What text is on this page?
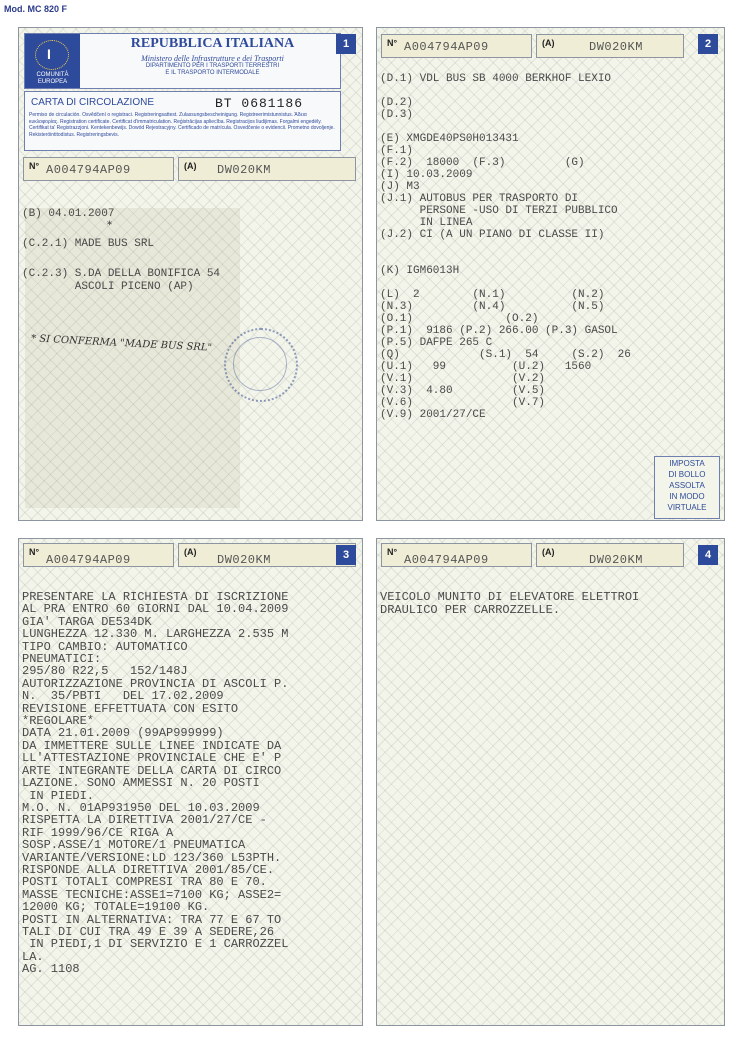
Mod. MC 820 F
I
COMUNITÀ EUROPEA
REPUBBLICA ITALIANA
Ministero delle Infrastrutture e dei Trasporti
DIPARTIMENTO PER I TRASPORTI TERRESTRI
E IL TRASPORTO INTERMODALE
1
CARTA DI CIRCOLAZIONE	BT 0681186
Permiso de circulación. Osvědčení o registraci. Registreringsattest. Zulassungsbescheinigung. Registreerimistunnistus. Άδεια κυκλοφορίας. Registration certificate. Certificat d'immatriculation. Reģistrācijas apliecība. Registracijos liudijimas. Forgalmi engedély. Certifikat ta' Registrazzjoni. Kentekenbewijs. Dowód Rejestracyjny. Certificado de matrícula. Osvedčenie o evidencii. Prometno dovoljenje. Rekisteröintitodistus. Registreringsbevis.
N° A004794AP09	(A) DW020KM
(B) 04.01.2007
(C.2.1) MADE BUS SRL
(C.2.3) S.DA DELLA BONIFICA 54
ASCOLI PICENO (AP)
*
* SI CONFERMA "MADE BUS SRL"
N° A004794AP09	(A)	DW020KM	2
(D.1) VDL BUS SB 4000 BERKHOF LEXIO

(D.2)
(D.3)

(E) XMGDE40PS0H013431
(F.1)
(F.2)  18000  (F.3)         (G)
(I) 10.03.2009
(J) M3
(J.1) AUTOBUS PER TRASPORTO DI
PERSONE -USO DI TERZI PUBBLICO
IN LINEA
(J.2) CI (A UN PIANO DI CLASSE II)

(K) IGM6013H

(L)  2        (N.1)          (N.2)
(N.3)         (N.4)          (N.5)
(O.1)              (O.2)
(P.1)  9186 (P.2) 266.00 (P.3) GASOL
(P.5) DAFPE 265 C
(Q)            (S.1)  54     (S.2)  26
(U.1)   99          (U.2)   1560
(V.1)               (V.2)
(V.3)  4.80         (V.5)
(V.6)               (V.7)
(V.9) 2001/27/CE
IMPOSTA
DI BOLLO
ASSOLTA
IN MODO
VIRTUALE
N°
A004794AP09
(A)
DW020KM	3
PRESENTARE LA RICHIESTA DI ISCRIZIONE
AL PRA ENTRO 60 GIORNI DAL 10.04.2009
GIA' TARGA DE534DK
LUNGHEZZA 12.330 M. LARGHEZZA 2.535 M
TIPO CAMBIO: AUTOMATICO
PNEUMATICI:
295/80 R22,5   152/148J
AUTORIZZAZIONE PROVINCIA DI ASCOLI P.
N.  35/PBTI   DEL 17.02.2009
REVISIONE EFFETTUATA CON ESITO
*REGOLARE*
DATA 21.01.2009 (99AP999999)
DA IMMETTERE SULLE LINEE INDICATE DA
LL'ATTESTAZIONE PROVINCIALE CHE E' P
ARTE INTEGRANTE DELLA CARTA DI CIRCO
LAZIONE. SONO AMMESSI N. 20 POSTI
IN PIEDI.
M.O. N. 01AP931950 DEL 10.03.2009
RISPETTA LA DIRETTIVA 2001/27/CE -
RIF 1999/96/CE RIGA A
SOSP.ASSE/1 MOTORE/1 PNEUMATICA
VARIANTE/VERSIONE:LD 123/360 L53PTH.
RISPONDE ALLA DIRETTIVA 2001/85/CE.
POSTI TOTALI COMPRESI TRA 80 E 70.
MASSE TECNICHE:ASSE1=7100 KG; ASSE2=
12000 KG; TOTALE=19100 KG.
POSTI IN ALTERNATIVA: TRA 77 E 67 TO
TALI DI CUI TRA 49 E 39 A SEDERE,26
IN PIEDI,1 DI SERVIZIO E 1 CARROZZEL
LA.
AG. 1108
N°
A004794AP09
(A)
DW020KM	4
VEICOLO MUNITO DI ELEVATORE ELETTROI
DRAULICO PER CARROZZELLE.
